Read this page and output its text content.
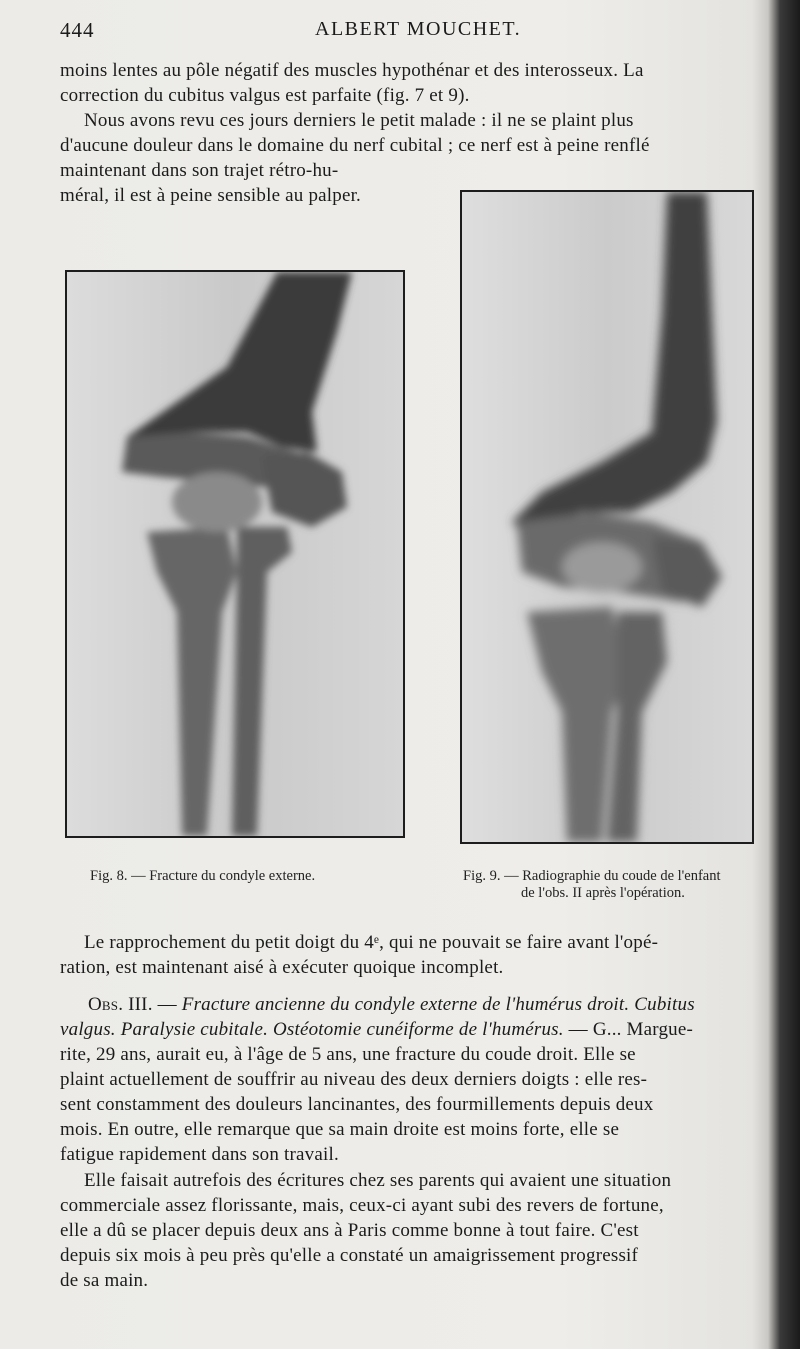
444	ALBERT MOUCHET.
moins lentes au pôle négatif des muscles hypothénar et des interosseux. La
correction du cubitus valgus est parfaite (fig. 7 et 9).
Nous avons revu ces jours derniers le petit malade : il ne se plaint plus
d'aucune douleur dans le domaine du nerf cubital ; ce nerf est à peine renflé
maintenant dans son trajet rétro-hu-
méral, il est à peine sensible au palper.

Fig. 8. — Fracture du condyle externe.	Fig. 9. — Radiographie du coude de l'enfant
de l'obs. II après l'opération.
Le rapprochement du petit doigt du 4ᵉ, qui ne pouvait se faire avant l'opé-
ration, est maintenant aisé à exécuter quoique incomplet.
Obs. III. — Fracture ancienne du condyle externe de l'humérus droit. Cubitus
valgus. Paralysie cubitale. Ostéotomie cunéiforme de l'humérus. — G... Margue-
rite, 29 ans, aurait eu, à l'âge de 5 ans, une fracture du coude droit. Elle se
plaint actuellement de souffrir au niveau des deux derniers doigts : elle res-
sent constamment des douleurs lancinantes, des fourmillements depuis deux
mois. En outre, elle remarque que sa main droite est moins forte, elle se
fatigue rapidement dans son travail.
Elle faisait autrefois des écritures chez ses parents qui avaient une situation
commerciale assez florissante, mais, ceux-ci ayant subi des revers de fortune,
elle a dû se placer depuis deux ans à Paris comme bonne à tout faire. C'est
depuis six mois à peu près qu'elle a constaté un amaigrissement progressif
de sa main.
